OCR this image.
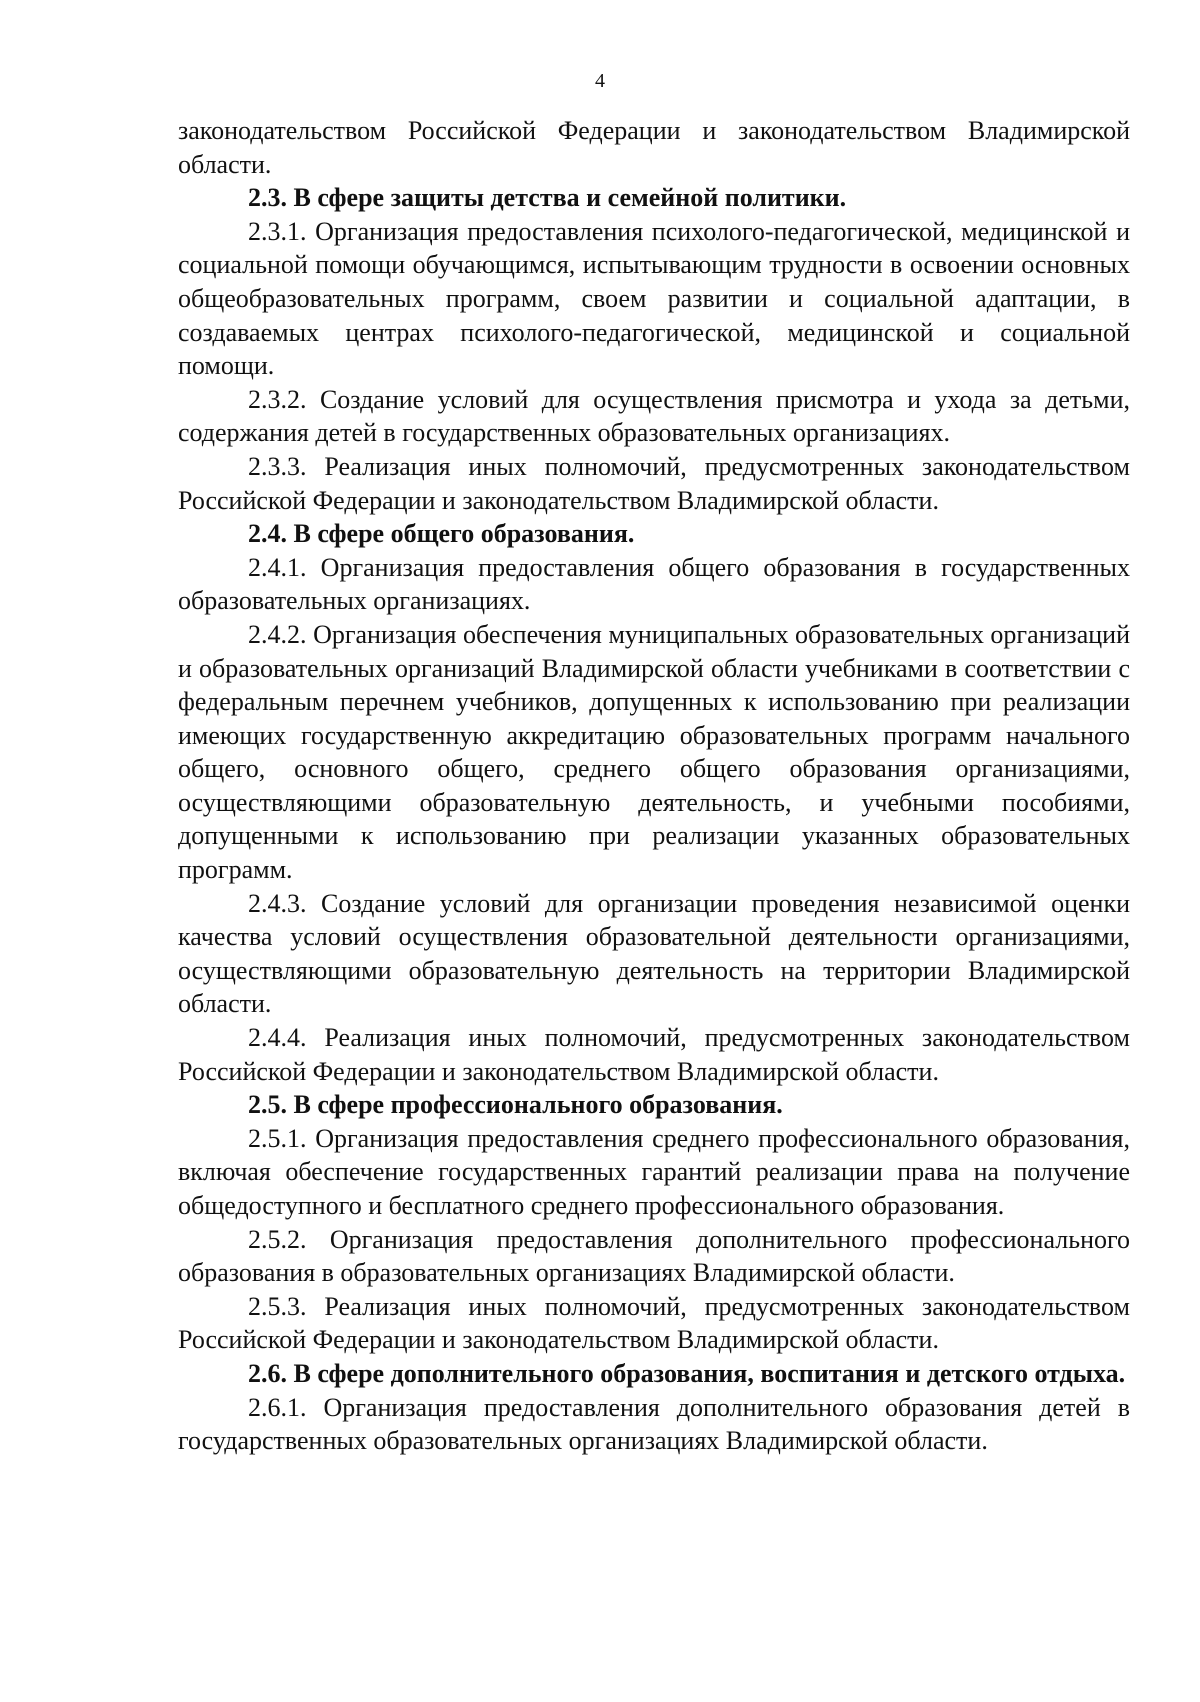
4

законодательством Российской Федерации и законодательством Владимирской области.

2.3. В сфере защиты детства и семейной политики.

2.3.1. Организация предоставления психолого-педагогической, медицинской и социальной помощи обучающимся, испытывающим трудности в освоении основных общеобразовательных программ, своем развитии и социальной адаптации, в создаваемых центрах психолого-педагогической, медицинской и социальной помощи.

2.3.2. Создание условий для осуществления присмотра и ухода за детьми, содержания детей в государственных образовательных организациях.

2.3.3. Реализация иных полномочий, предусмотренных законодательством Российской Федерации и законодательством Владимирской области.

2.4. В сфере общего образования.

2.4.1. Организация предоставления общего образования в государственных образовательных организациях.

2.4.2. Организация обеспечения муниципальных образовательных организаций и образовательных организаций Владимирской области учебниками в соответствии с федеральным перечнем учебников, допущенных к использованию при реализации имеющих государственную аккредитацию образовательных программ начального общего, основного общего, среднего общего образования организациями, осуществляющими образовательную деятельность, и учебными пособиями, допущенными к использованию при реализации указанных образовательных программ.

2.4.3. Создание условий для организации проведения независимой оценки качества условий осуществления образовательной деятельности организациями, осуществляющими образовательную деятельность на территории Владимирской области.

2.4.4. Реализация иных полномочий, предусмотренных законодательством Российской Федерации и законодательством Владимирской области.

2.5. В сфере профессионального образования.

2.5.1. Организация предоставления среднего профессионального образования, включая обеспечение государственных гарантий реализации права на получение общедоступного и бесплатного среднего профессионального образования.

2.5.2. Организация предоставления дополнительного профессионального образования в образовательных организациях Владимирской области.

2.5.3. Реализация иных полномочий, предусмотренных законодательством Российской Федерации и законодательством Владимирской области.

2.6. В сфере дополнительного образования, воспитания и детского отдыха.

2.6.1. Организация предоставления дополнительного образования детей в государственных образовательных организациях Владимирской области.
